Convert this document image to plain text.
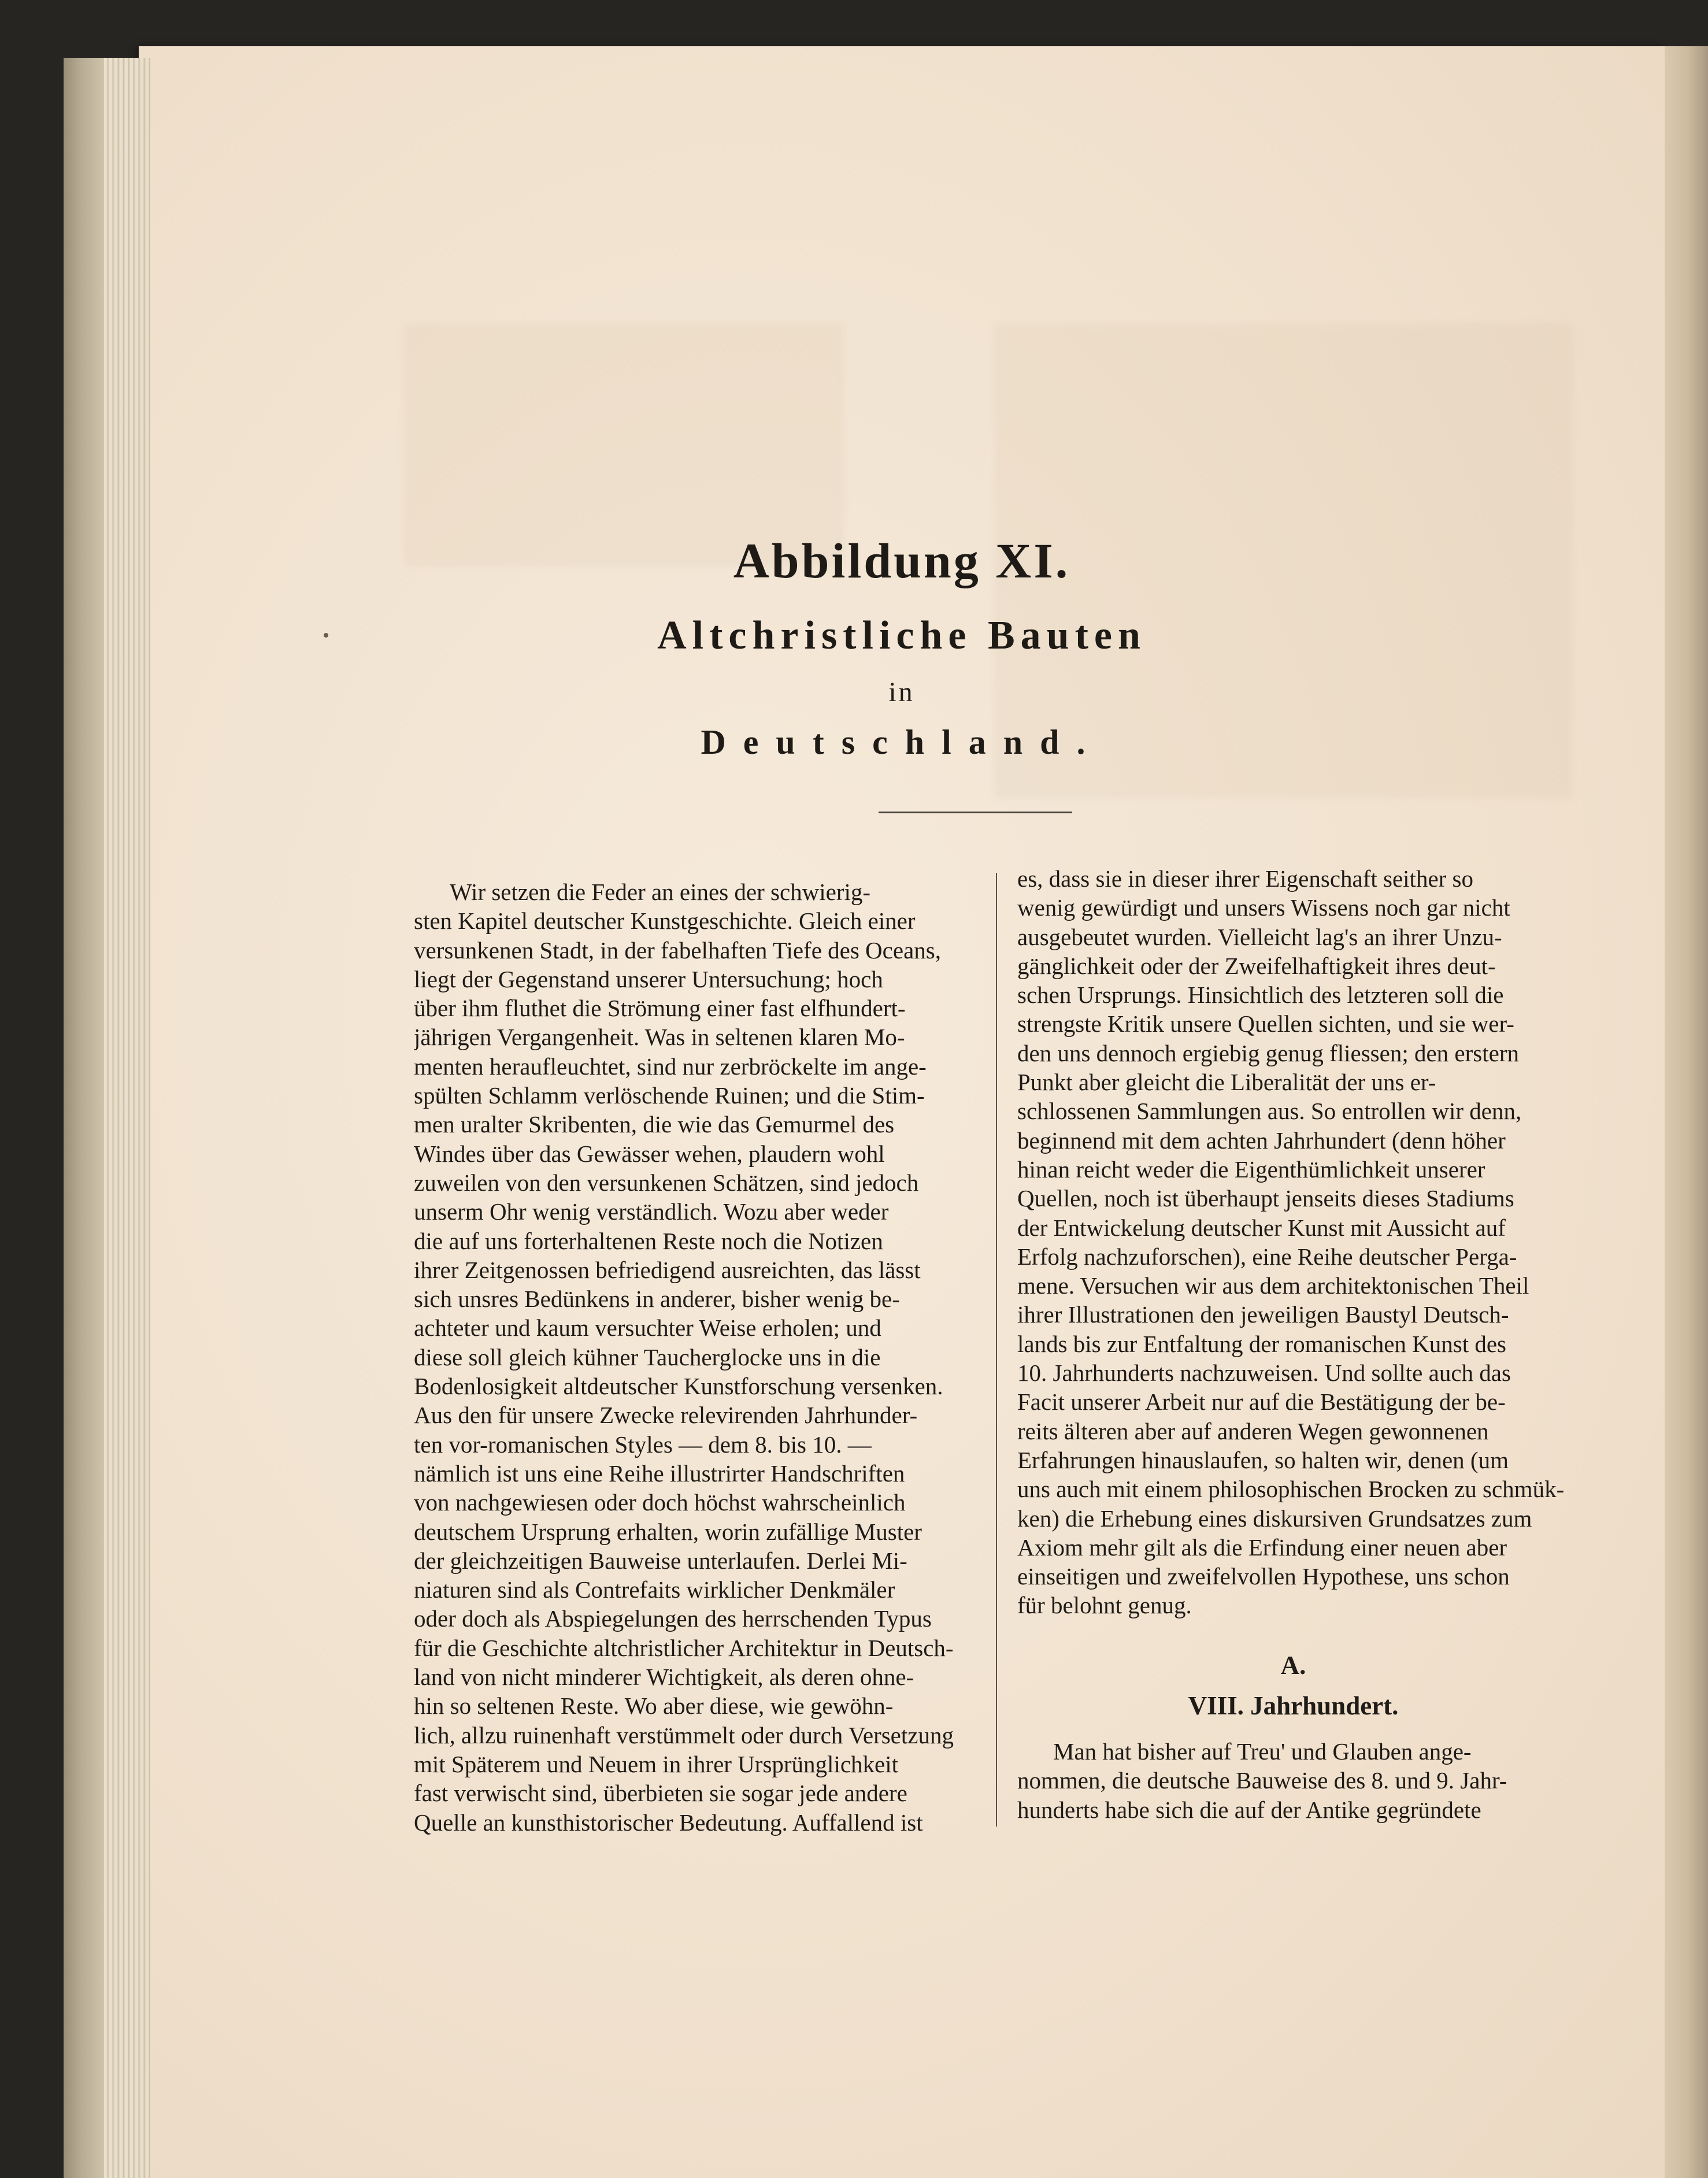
Abbildung XI.
Altchristliche Bauten
in
Deutschland.
Wir setzen die Feder an eines der schwierig-
sten Kapitel deutscher Kunstgeschichte. Gleich einer
versunkenen Stadt, in der fabelhaften Tiefe des Oceans,
liegt der Gegenstand unserer Untersuchung; hoch
über ihm fluthet die Strömung einer fast elfhundert-
jährigen Vergangenheit. Was in seltenen klaren Mo-
menten heraufleuchtet, sind nur zerbröckelte im ange-
spülten Schlamm verlöschende Ruinen; und die Stim-
men uralter Skribenten, die wie das Gemurmel des
Windes über das Gewässer wehen, plaudern wohl
zuweilen von den versunkenen Schätzen, sind jedoch
unserm Ohr wenig verständlich. Wozu aber weder
die auf uns forterhaltenen Reste noch die Notizen
ihrer Zeitgenossen befriedigend ausreichten, das lässt
sich unsres Bedünkens in anderer, bisher wenig be-
achteter und kaum versuchter Weise erholen; und
diese soll gleich kühner Taucherglocke uns in die
Bodenlosigkeit altdeutscher Kunstforschung versenken.
Aus den für unsere Zwecke relevirenden Jahrhunder-
ten vor-romanischen Styles — dem 8. bis 10. —
nämlich ist uns eine Reihe illustrirter Handschriften
von nachgewiesen oder doch höchst wahrscheinlich
deutschem Ursprung erhalten, worin zufällige Muster
der gleichzeitigen Bauweise unterlaufen. Derlei Mi-
niaturen sind als Contrefaits wirklicher Denkmäler
oder doch als Abspiegelungen des herrschenden Typus
für die Geschichte altchristlicher Architektur in Deutsch-
land von nicht minderer Wichtigkeit, als deren ohne-
hin so seltenen Reste. Wo aber diese, wie gewöhn-
lich, allzu ruinenhaft verstümmelt oder durch Versetzung
mit Späterem und Neuem in ihrer Ursprünglichkeit
fast verwischt sind, überbieten sie sogar jede andere
Quelle an kunsthistorischer Bedeutung. Auffallend ist
es, dass sie in dieser ihrer Eigenschaft seither so
wenig gewürdigt und unsers Wissens noch gar nicht
ausgebeutet wurden. Vielleicht lag's an ihrer Unzu-
gänglichkeit oder der Zweifelhaftigkeit ihres deut-
schen Ursprungs. Hinsichtlich des letzteren soll die
strengste Kritik unsere Quellen sichten, und sie wer-
den uns dennoch ergiebig genug fliessen; den erstern
Punkt aber gleicht die Liberalität der uns er-
schlossenen Sammlungen aus. So entrollen wir denn,
beginnend mit dem achten Jahrhundert (denn höher
hinan reicht weder die Eigenthümlichkeit unserer
Quellen, noch ist überhaupt jenseits dieses Stadiums
der Entwickelung deutscher Kunst mit Aussicht auf
Erfolg nachzuforschen), eine Reihe deutscher Perga-
mene. Versuchen wir aus dem architektonischen Theil
ihrer Illustrationen den jeweiligen Baustyl Deutsch-
lands bis zur Entfaltung der romanischen Kunst des
10. Jahrhunderts nachzuweisen. Und sollte auch das
Facit unserer Arbeit nur auf die Bestätigung der be-
reits älteren aber auf anderen Wegen gewonnenen
Erfahrungen hinauslaufen, so halten wir, denen (um
uns auch mit einem philosophischen Brocken zu schmük-
ken) die Erhebung eines diskursiven Grundsatzes zum
Axiom mehr gilt als die Erfindung einer neuen aber
einseitigen und zweifelvollen Hypothese, uns schon
für belohnt genug.
A.
VIII. Jahrhundert.
Man hat bisher auf Treu' und Glauben ange-
nommen, die deutsche Bauweise des 8. und 9. Jahr-
hunderts habe sich die auf der Antike gegründete
